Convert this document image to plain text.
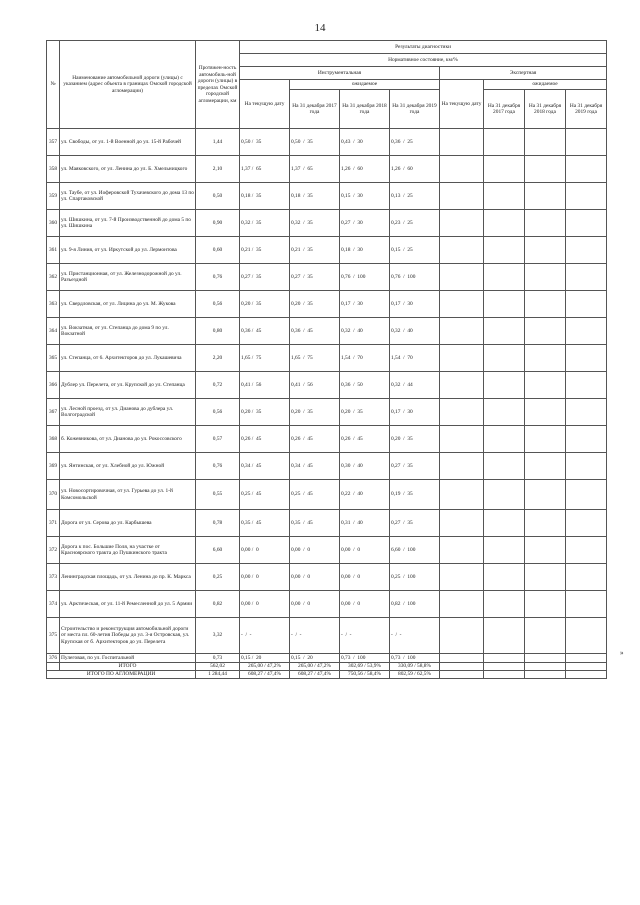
14
№	Наименование автомобильной дороги (улицы) с указанием (адрес объекта в границах Омской городской агломерации)	Протяжен-ность автомобиль-ной дороги (улицы) в пределах Омской городской агломерации, км	Результаты диагностики							
			Нормативное состояние, км/%							
			Инструментальная				Экспертная			
			На текущую дату	ожидаемое			На текущую дату	ожидаемое		
				На 31 декабря 2017 года	На 31 декабря 2018 года	На 31 декабря 2019 года		На 31 декабря 2017 года	На 31 декабря 2018 года	На 31 декабря 2019 года
357	ул. Свободы, от ул. 1-й Военной до ул. 15-й Рабочей	1,44	0,50 /  35	0,50  /  35	0,43  /  30	0,36  /  25				
358	ул. Маяковского, от ул. Ленина до ул. Б. Хмельницкого	2,10	1,37 /  65	1,37  /  65	1,26  /  60	1,26  /  60				
359	ул. Таубе, от ул. Иоферовской Тухачевского до дома 13 по ул. Спартаковской	0,50	0,18 /  35	0,18  /  35	0,15  /  30	0,13  /  25				
360	ул. Шишкина, от ул. 7-й Производственной до дома 5 по ул. Шишкина	0,90	0,32 /  35	0,32  /  35	0,27  /  30	0,23  /  25				
361	ул. 9-я Линия, от ул. Иркутской до ул. Лермонтова	0,60	0,21 /  35	0,21  /  35	0,18  /  30	0,15  /  25				
362	ул. Пристанционная, от ул. Железнодорожной до ул. Разъездной	0,76	0,27 /  35	0,27  /  35	0,76  /  100	0,76  /  100				
363	ул. Свердловская, от ул. Лицина до ул. М. Жукова	0,56	0,20 /  35	0,20  /  35	0,17  /  30	0,17  /  30				
364	ул. Вокзатная, от ул. Степанца до дома 9 по ул. Вокзатной	0,80	0,36 /  45	0,36  /  45	0,32  /  40	0,32  /  40				
365	ул. Степанца, от 6. Архитекторов до ул. Лукашевича	2,20	1,65 /  75	1,65  /  75	1,54  /  70	1,54  /  70				
366	Дублер ул. Перелета, от ул. Крупской до ул. Степанца	0,72	0,41 /  56	0,41  /  56	0,36  /  50	0,32  /  44				
367	ул. Лесной проезд, от ул. Дианова до дублера ул. Волгоградской	0,56	0,20 /  35	0,20  /  35	0,20  /  35	0,17  /  30				
368	б. Кожевникова, от ул. Дианова до ул. Рокоссовского	0,57	0,26 /  45	0,26  /  45	0,26  /  45	0,20  /  35				
369	ул. Янтинская, от ул. Хлебной до ул. Южной	0,76	0,34 /  45	0,34  /  45	0,30  /  40	0,27  /  35				
370	ул. Новосортировочная, от ул. Гурьева до ул. 1-й Комсомольской	0,55	0,25 /  45	0,25  /  45	0,22  /  40	0,19  /  35				
371	Дорога от ул. Серова до ул. Карбышева	0,78	0,35 /  45	0,35  /  45	0,31  /  40	0,27  /  35				
372	Дорога к пос. Большие Поля, на участке от Красноярского тракта до Пушкинского тракта	6,60	0,00 /  0	0,00  /  0	0,00  /  0	6,60  /  100				
373	Ленинградская площадь, от ул. Ленина до пр. К. Маркса	0,25	0,00 /  0	0,00  /  0	0,00  /  0	0,25  /  100				
374	ул. Арктическая, от ул. 11-й Ремесленной до ул. 5 Армии	0,82	0,00 /  0	0,00  /  0	0,00  /  0	0,82  /  100				
375	Строительство и реконструкция автомобильной дороги от места пл. 60-летия Победы до ул. 3-я Островская, ул. Крупская от б. Архитекторов до ул. Перелета	3,32	-  /  -	-  /  -	-  /  -	-  /  -				
376	Пулеговая, по ул. Госпитальной	0,73	0,15 /  20	0,15  /  20	0,73  /  100	0,73  /  100				
	ИТОГО	562,02	265,00 / 47,2%	265,00 / 47,2%	302,69 / 53,9%	330,09 / 58,8%				
ИТОГО ПО АГЛОМЕРАЦИИ		1 284,44	608,27 / 47,4%	608,27 / 47,4%	750,56 / 58,4%	802,59 / 62,5%				
»
